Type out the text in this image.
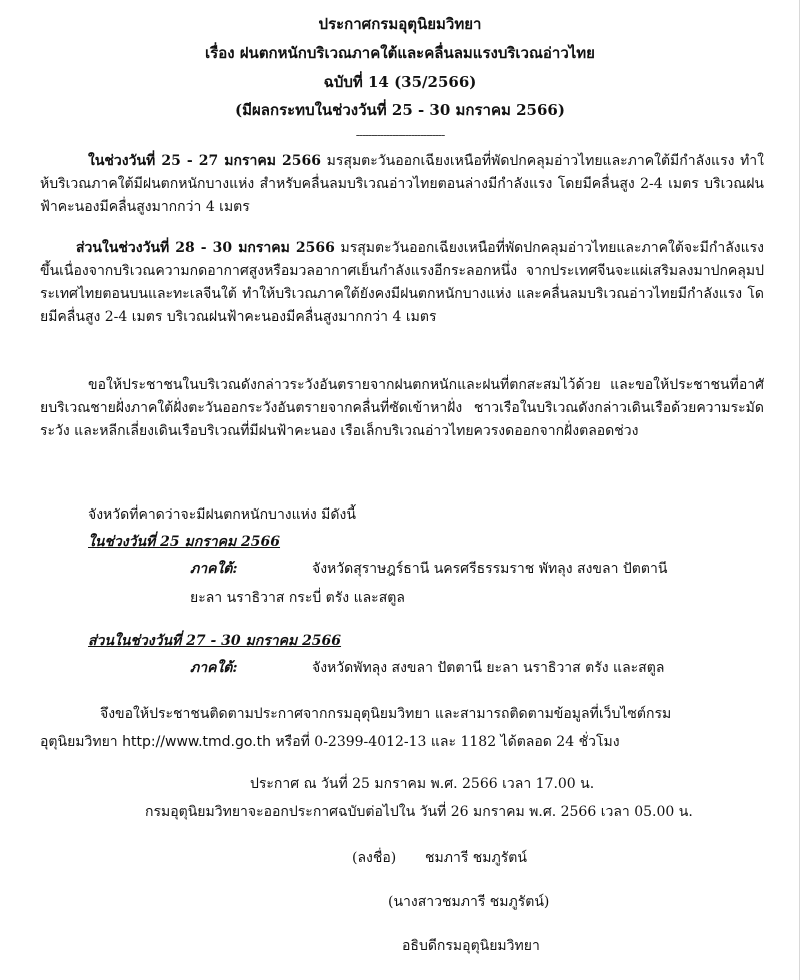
ประกาศกรมอุตุนิยมวิทยา
เรื่อง ฝนตกหนักบริเวณภาคใต้และคลื่นลมแรงบริเวณอ่าวไทย
ฉบับที่ 14 (35/2566)
(มีผลกระทบในช่วงวันที่ 25 - 30 มกราคม 2566)
-----------------------------
ในช่วงวันที่ 25 - 27 มกราคม 2566 มรสุมตะวันออกเฉียงเหนือที่พัดปกคลุมอ่าวไทยและภาคใต้มีกำลังแรง ทำให้บริเวณภาคใต้มีฝนตกหนักบางแห่ง สำหรับคลื่นลมบริเวณอ่าวไทยตอนล่างมีกำลังแรง โดยมีคลื่นสูง 2-4 เมตร บริเวณฝนฟ้าคะนองมีคลื่นสูงมากกว่า 4 เมตร
ส่วนในช่วงวันที่ 28 - 30 มกราคม 2566 มรสุมตะวันออกเฉียงเหนือที่พัดปกคลุมอ่าวไทยและภาคใต้จะมีกำลังแรงขึ้นเนื่องจากบริเวณความกดอากาศสูงหรือมวลอากาศเย็นกำลังแรงอีกระลอกหนึ่ง จากประเทศจีนจะแผ่เสริมลงมาปกคลุมประเทศไทยตอนบนและทะเลจีนใต้ ทำให้บริเวณภาคใต้ยังคงมีฝนตกหนักบางแห่ง และคลื่นลมบริเวณอ่าวไทยมีกำลังแรง โดยมีคลื่นสูง 2-4 เมตร บริเวณฝนฟ้าคะนองมีคลื่นสูงมากกว่า 4 เมตร
ขอให้ประชาชนในบริเวณดังกล่าวระวังอันตรายจากฝนตกหนักและฝนที่ตกสะสมไว้ด้วย และขอให้ประชาชนที่อาศัยบริเวณชายฝั่งภาคใต้ฝั่งตะวันออกระวังอันตรายจากคลื่นที่ซัดเข้าหาฝั่ง ชาวเรือในบริเวณดังกล่าวเดินเรือด้วยความระมัดระวัง และหลีกเลี่ยงเดินเรือบริเวณที่มีฝนฟ้าคะนอง เรือเล็กบริเวณอ่าวไทยควรงดออกจากฝั่งตลอดช่วง
จังหวัดที่คาดว่าจะมีฝนตกหนักบางแห่ง มีดังนี้
ในช่วงวันที่ 25 มกราคม 2566
ภาคใต้:	จังหวัดสุราษฎร์ธานี นครศรีธรรมราช พัทลุง สงขลา ปัตตานี
ยะลา นราธิวาส กระบี่ ตรัง และสตูล
ส่วนในช่วงวันที่ 27 - 30 มกราคม 2566
ภาคใต้:	จังหวัดพัทลุง สงขลา ปัตตานี ยะลา นราธิวาส ตรัง และสตูล
จึงขอให้ประชาชนติดตามประกาศจากกรมอุตุนิยมวิทยา และสามารถติดตามข้อมูลที่เว็บไซต์กรม
อุตุนิยมวิทยา http://www.tmd.go.th หรือที่ 0-2399-4012-13 และ 1182 ได้ตลอด 24 ชั่วโมง
ประกาศ ณ วันที่ 25 มกราคม พ.ศ. 2566 เวลา 17.00 น.
กรมอุตุนิยมวิทยาจะออกประกาศฉบับต่อไปใน วันที่ 26 มกราคม พ.ศ. 2566 เวลา 05.00 น.
(ลงชื่อ) ชมภารี ชมภูรัตน์
(นางสาวชมภารี ชมภูรัตน์)
อธิบดีกรมอุตุนิยมวิทยา
